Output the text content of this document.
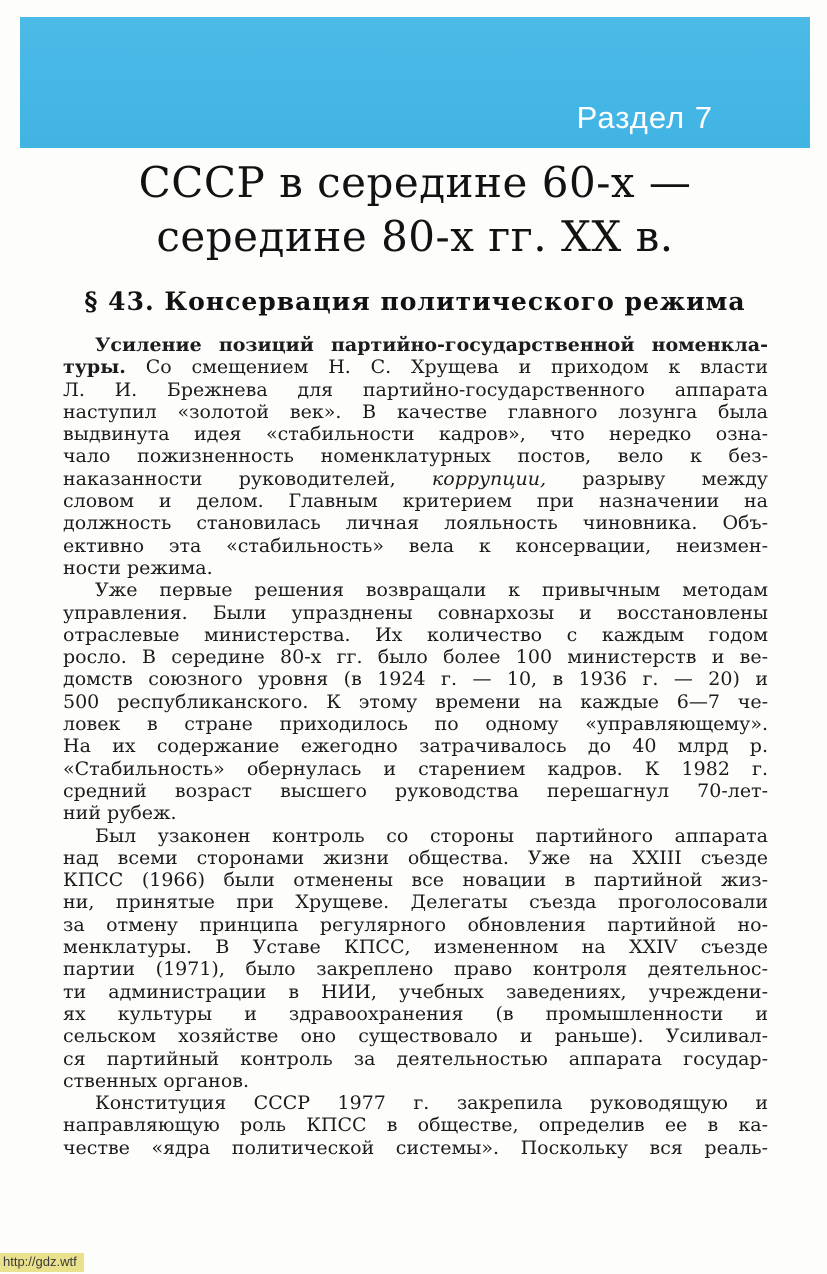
Раздел 7
СССР в середине 60-х —
середине 80-х гг. XX в.
§ 43. Консервация политического режима
Усиление позиций партийно-государственной номенкла-
туры. Со смещением Н. С. Хрущева и приходом к власти
Л. И. Брежнева для партийно-государственного аппарата
наступил «золотой век». В качестве главного лозунга была
выдвинута идея «стабильности кадров», что нередко озна-
чало пожизненность номенклатурных постов, вело к без-
наказанности руководителей, коррупции, разрыву между
словом и делом. Главным критерием при назначении на
должность становилась личная лояльность чиновника. Объ-
ективно эта «стабильность» вела к консервации, неизмен-
ности режима.
Уже первые решения возвращали к привычным методам
управления. Были упразднены совнархозы и восстановлены
отраслевые министерства. Их количество с каждым годом
росло. В середине 80-х гг. было более 100 министерств и ве-
домств союзного уровня (в 1924 г. — 10, в 1936 г. — 20) и
500 республиканского. К этому времени на каждые 6—7 че-
ловек в стране приходилось по одному «управляющему».
На их содержание ежегодно затрачивалось до 40 млрд р.
«Стабильность» обернулась и старением кадров. К 1982 г.
средний возраст высшего руководства перешагнул 70-лет-
ний рубеж.
Был узаконен контроль со стороны партийного аппарата
над всеми сторонами жизни общества. Уже на XXIII съезде
КПСС (1966) были отменены все новации в партийной жиз-
ни, принятые при Хрущеве. Делегаты съезда проголосовали
за отмену принципа регулярного обновления партийной но-
менклатуры. В Уставе КПСС, измененном на XXIV съезде
партии (1971), было закреплено право контроля деятельнос-
ти администрации в НИИ, учебных заведениях, учреждени-
ях культуры и здравоохранения (в промышленности и
сельском хозяйстве оно существовало и раньше). Усиливал-
ся партийный контроль за деятельностью аппарата государ-
ственных органов.
Конституция СССР 1977 г. закрепила руководящую и
направляющую роль КПСС в обществе, определив ее в ка-
честве «ядра политической системы». Поскольку вся реаль-
http://gdz.wtf
